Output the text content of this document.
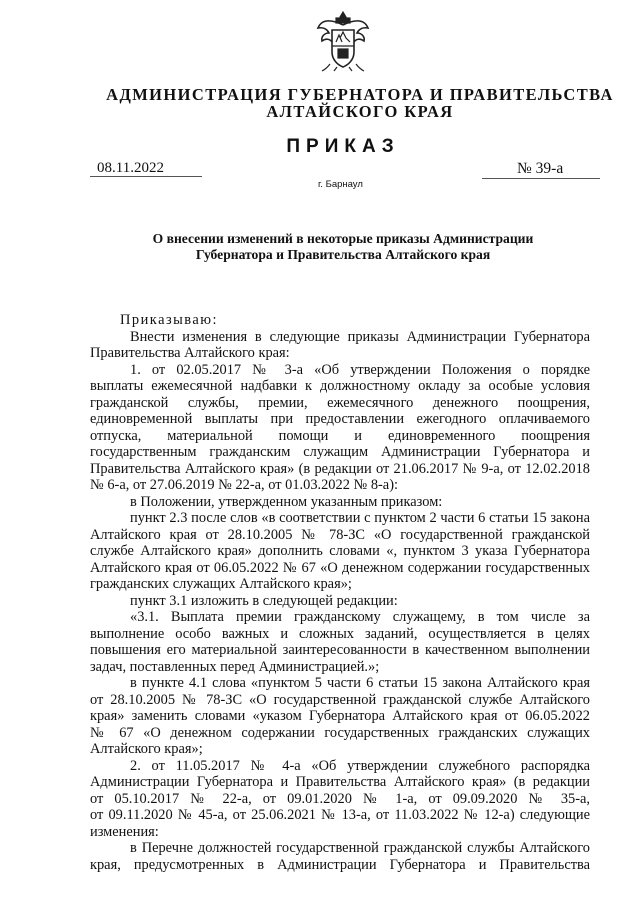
АДМИНИСТРАЦИЯ ГУБЕРНАТОРА И ПРАВИТЕЛЬСТВА
АЛТАЙСКОГО КРАЯ
ПРИКАЗ
08.11.2022	№ 39-а
г. Барнаул
О внесении изменений в некоторые приказы Администрации
Губернатора и Правительства Алтайского края
Приказываю:
Внести изменения в следующие приказы Администрации Губернатора
Правительства Алтайского края:
1. от 02.05.2017 № 3-а «Об утверждении Положения о порядке
выплаты ежемесячной надбавки к должностному окладу за особые условия
гражданской службы, премии, ежемесячного денежного поощрения,
единовременной выплаты при предоставлении ежегодного оплачиваемого
отпуска, материальной помощи и единовременного поощрения
государственным гражданским служащим Администрации Губернатора и
Правительства Алтайского края» (в редакции от 21.06.2017 № 9-а, от 12.02.2018
№ 6-а, от 27.06.2019 № 22-а, от 01.03.2022 № 8-а):
в Положении, утвержденном указанным приказом:
пункт 2.3 после слов «в соответствии с пунктом 2 части 6 статьи 15 закона
Алтайского края от 28.10.2005 № 78-ЗС «О государственной гражданской
службе Алтайского края» дополнить словами «, пунктом 3 указа Губернатора
Алтайского края от 06.05.2022 № 67 «О денежном содержании государственных
гражданских служащих Алтайского края»;
пункт 3.1 изложить в следующей редакции:
«3.1. Выплата премии гражданскому служащему, в том числе за
выполнение особо важных и сложных заданий, осуществляется в целях
повышения его материальной заинтересованности в качественном выполнении
задач, поставленных перед Администрацией.»;
в пункте 4.1 слова «пунктом 5 части 6 статьи 15 закона Алтайского края
от 28.10.2005 № 78-ЗС «О государственной гражданской службе Алтайского
края» заменить словами «указом Губернатора Алтайского края от 06.05.2022
№ 67 «О денежном содержании государственных гражданских служащих
Алтайского края»;
2. от 11.05.2017 № 4-а «Об утверждении служебного распорядка
Администрации Губернатора и Правительства Алтайского края» (в редакции
от 05.10.2017 № 22-а, от 09.01.2020 № 1-а, от 09.09.2020 № 35-а,
от 09.11.2020 № 45-а, от 25.06.2021 № 13-а, от 11.03.2022 № 12-а) следующие
изменения:
в Перечне должностей государственной гражданской службы Алтайского
края, предусмотренных в Администрации Губернатора и Правительства
